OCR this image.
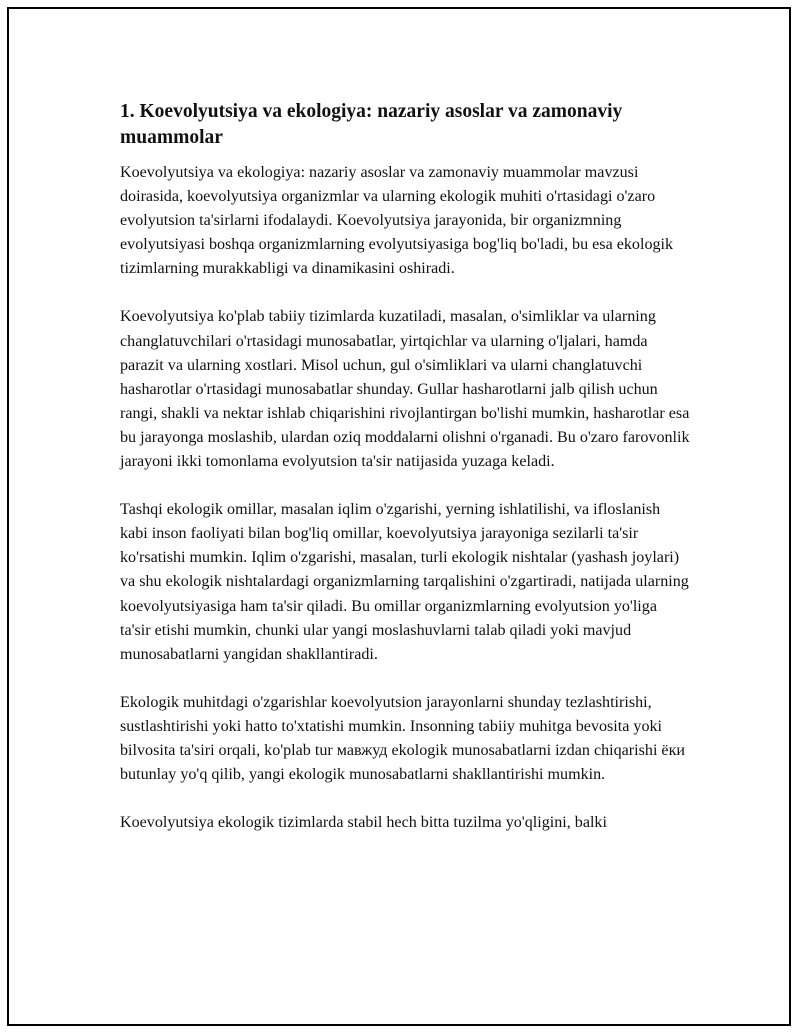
1. Koevolyutsiya va ekologiya: nazariy asoslar va zamonaviy muammolar

Koevolyutsiya va ekologiya: nazariy asoslar va zamonaviy muammolar mavzusi doirasida, koevolyutsiya organizmlar va ularning ekologik muhiti o'rtasidagi o'zaro evolyutsion ta'sirlarni ifodalaydi. Koevolyutsiya jarayonida, bir organizmning evolyutsiyasi boshqa organizmlarning evolyutsiyasiga bog'liq bo'ladi, bu esa ekologik tizimlarning murakkabligi va dinamikasini oshiradi.

Koevolyutsiya ko'plab tabiiy tizimlarda kuzatiladi, masalan, o'simliklar va ularning changlatuvchilari o'rtasidagi munosabatlar, yirtqichlar va ularning o'ljalari, hamda parazit va ularning xostlari. Misol uchun, gul o'simliklari va ularni changlatuvchi hasharotlar o'rtasidagi munosabatlar shunday. Gullar hasharotlarni jalb qilish uchun rangi, shakli va nektar ishlab chiqarishini rivojlantirgan bo'lishi mumkin, hasharotlar esa bu jarayonga moslashib, ulardan oziq moddalarni olishni o'rganadi. Bu o'zaro farovonlik jarayoni ikki tomonlama evolyutsion ta'sir natijasida yuzaga keladi.

Tashqi ekologik omillar, masalan iqlim o'zgarishi, yerning ishlatilishi, va ifloslanish kabi inson faoliyati bilan bog'liq omillar, koevolyutsiya jarayoniga sezilarli ta'sir ko'rsatishi mumkin. Iqlim o'zgarishi, masalan, turli ekologik nishtalar (yashash joylari) va shu ekologik nishtalardagi organizmlarning tarqalishini o'zgartiradi, natijada ularning koevolyutsiyasiga ham ta'sir qiladi. Bu omillar organizmlarning evolyutsion yo'liga ta'sir etishi mumkin, chunki ular yangi moslashuvlarni talab qiladi yoki mavjud munosabatlarni yangidan shakllantiradi.

Ekologik muhitdagi o'zgarishlar koevolyutsion jarayonlarni shunday tezlashtirishi, sustlashtirishi yoki hatto to'xtatishi mumkin. Insonning tabiiy muhitga bevosita yoki bilvosita ta'siri orqali, ko'plab tur мавжуд ekologik munosabatlarni izdan chiqarishi ёки butunlay yo'q qilib, yangi ekologik munosabatlarni shakllantirishi mumkin.

Koevolyutsiya ekologik tizimlarda stabil hech bitta tuzilma yo'qligini, balki
